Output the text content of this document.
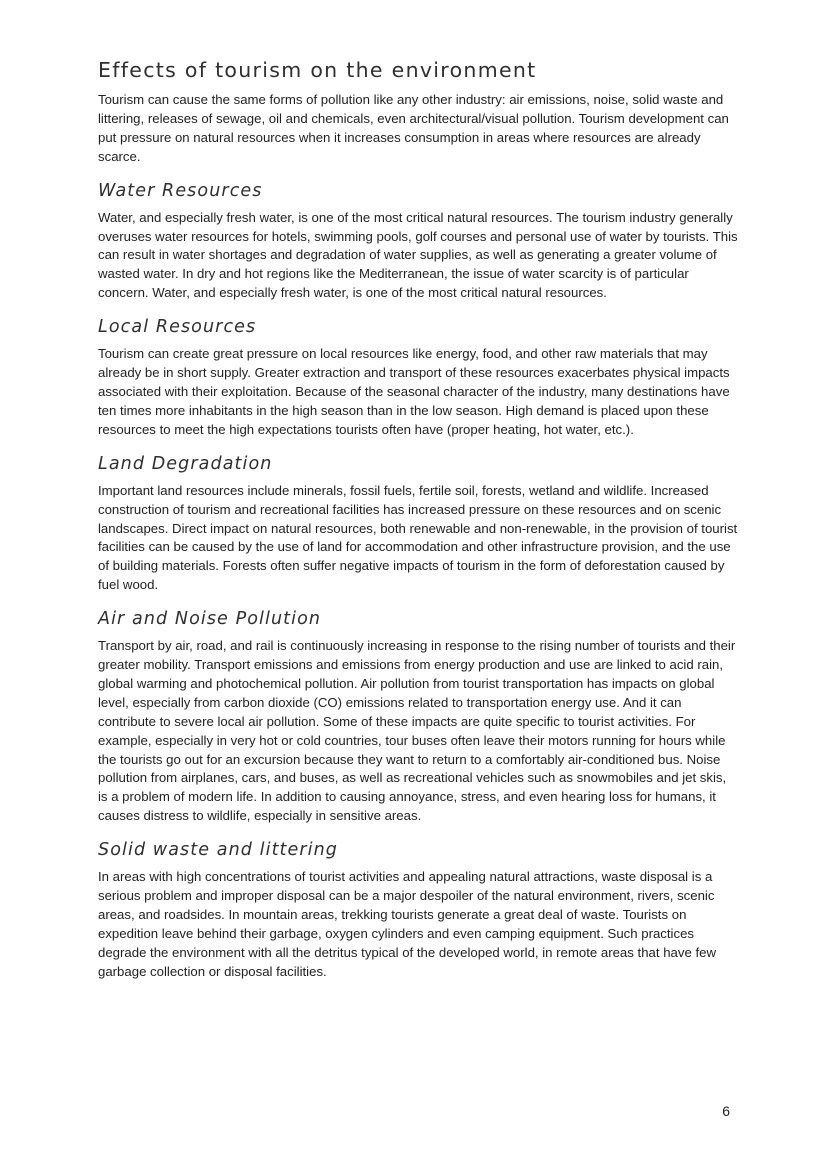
Effects of tourism on the environment

Tourism can cause the same forms of pollution like any other industry: air emissions, noise, solid waste and littering, releases of sewage, oil and chemicals, even architectural/visual pollution. Tourism development can put pressure on natural resources when it increases consumption in areas where resources are already scarce.

Water Resources

Water, and especially fresh water, is one of the most critical natural resources. The tourism industry generally overuses water resources for hotels, swimming pools, golf courses and personal use of water by tourists. This can result in water shortages and degradation of water supplies, as well as generating a greater volume of wasted water. In dry and hot regions like the Mediterranean, the issue of water scarcity is of particular concern. Water, and especially fresh water, is one of the most critical natural resources.

Local Resources

Tourism can create great pressure on local resources like energy, food, and other raw materials that may already be in short supply. Greater extraction and transport of these resources exacerbates physical impacts associated with their exploitation. Because of the seasonal character of the industry, many destinations have ten times more inhabitants in the high season than in the low season. High demand is placed upon these resources to meet the high expectations tourists often have (proper heating, hot water, etc.).

Land Degradation

Important land resources include minerals, fossil fuels, fertile soil, forests, wetland and wildlife. Increased construction of tourism and recreational facilities has increased pressure on these resources and on scenic landscapes. Direct impact on natural resources, both renewable and non-renewable, in the provision of tourist facilities can be caused by the use of land for accommodation and other infrastructure provision, and the use of building materials. Forests often suffer negative impacts of tourism in the form of deforestation caused by fuel wood.

Air and Noise Pollution

Transport by air, road, and rail is continuously increasing in response to the rising number of tourists and their greater mobility. Transport emissions and emissions from energy production and use are linked to acid rain, global warming and photochemical pollution. Air pollution from tourist transportation has impacts on global level, especially from carbon dioxide (CO) emissions related to transportation energy use. And it can contribute to severe local air pollution. Some of these impacts are quite specific to tourist activities. For example, especially in very hot or cold countries, tour buses often leave their motors running for hours while the tourists go out for an excursion because they want to return to a comfortably air-conditioned bus. Noise pollution from airplanes, cars, and buses, as well as recreational vehicles such as snowmobiles and jet skis, is a problem of modern life. In addition to causing annoyance, stress, and even hearing loss for humans, it causes distress to wildlife, especially in sensitive areas.

Solid waste and littering

In areas with high concentrations of tourist activities and appealing natural attractions, waste disposal is a serious problem and improper disposal can be a major despoiler of the natural environment, rivers, scenic areas, and roadsides. In mountain areas, trekking tourists generate a great deal of waste. Tourists on expedition leave behind their garbage, oxygen cylinders and even camping equipment. Such practices degrade the environment with all the detritus typical of the developed world, in remote areas that have few garbage collection or disposal facilities.

6
